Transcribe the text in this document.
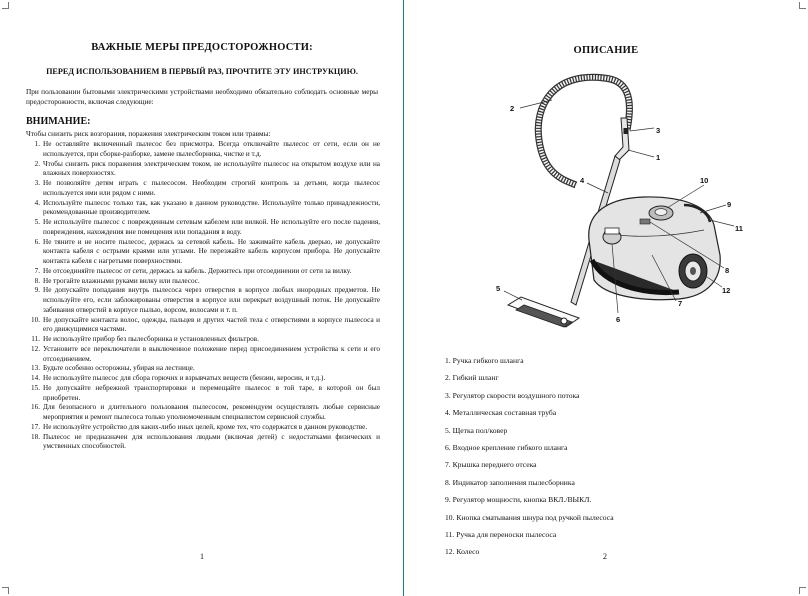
ВАЖНЫЕ МЕРЫ ПРЕДОСТОРОЖНОСТИ:
ПЕРЕД ИСПОЛЬЗОВАНИЕМ В ПЕРВЫЙ РАЗ, ПРОЧТИТЕ ЭТУ ИНСТРУКЦИЮ.
При пользовании бытовыми электрическими устройствами необходимо обязательно соблюдать основные меры предосторожности, включая следующие:
ВНИМАНИЕ:
Чтобы снизить риск возгорания, поражения электрическим током или травмы:
1. Не оставляйте включенный пылесос без присмотра. Всегда отключайте пылесос от сети, если он не используется, при сборке-разборке, замене пылесборника, чистке и т.д.
2. Чтобы снизить риск поражения электрическим током, не используйте пылесос на открытом воздухе или на влажных поверхностях.
3. Не позволяйте детям играть с пылесосом. Необходим строгий контроль за детьми, когда пылесос используется ими или рядом с ними.
4. Используйте пылесос только так, как указано в данном руководстве. Используйте только принадлежности, рекомендованные производителем.
5. Не используйте пылесос с поврежденным сетевым кабелем или вилкой. Не используйте его после падения, повреждения, нахождения вне помещения или попадания в воду.
6. Не тяните и не носите пылесос, держась за сетевой кабель. Не зажимайте кабель дверью, не допускайте контакта кабеля с острыми краями или углами. Не перезжайте кабель корпусом прибора. Не допускайте контакта кабеля с нагретыми поверхностями.
7. Не отсоединяйте пылесос от сети, держась за кабель. Держитесь при отсоединении от сети за вилку.
8. Не трогайте влажными руками вилку или пылесос.
9. Не допускайте попадания внутрь пылесоса через отверстия в корпусе любых инородных предметов. Не используйте его, если заблокированы отверстия в корпусе или перекрыт воздушный поток. Не допускайте забивания отверстий в корпусе пылью, ворсом, волосами и т. п.
10. Не допускайте контакта волос, одежды, пальцев и других частей тела с отверстиями в корпусе пылесоса и его движущимися частями.
11. Не используйте прибор без пылесборника и установленных фильтров.
12. Установите все переключатели в выключенное положение перед присоединением устройства к сети и его отсоединением.
13. Будьте особенно осторожны, убирая на лестнице.
14. Не используйте пылесос для сбора горючих и взрывчатых веществ (бензин, керосин, и т.д.).
15. Не допускайте небрежной транспортировки и перемещайте пылесос в той таре, в которой он был приобретен.
16. Для безопасного и длительного пользования пылесосом, рекомендуем осуществлять любые сервисные мероприятия и ремонт пылесоса только уполномоченным специалистом сервисной службы.
17. Не используйте устройство для каких-либо иных целей, кроме тех, что содержатся в данном руководстве.
18. Пылесос не предназначен для использования людьми (включая детей) с недостатками физических и умственных способностей.
1
ОПИСАНИЕ
1
2
3
4
5
6
7
8
9
10
11
12
1. Ручка гибкого шланга
2. Гибкий шланг
3. Регулятор скорости воздушного потока
4. Металлическая составная труба
5. Щетка пол/ковер
6. Входное крепление гибкого шланга
7. Крышка переднего отсека
8. Индикатор заполнения пылесборника
9. Регулятор мощности, кнопка ВКЛ./ВЫКЛ.
10. Кнопка сматывания шнура под ручкой пылесоса
11. Ручка для переноски пылесоса
12. Колесо
2
